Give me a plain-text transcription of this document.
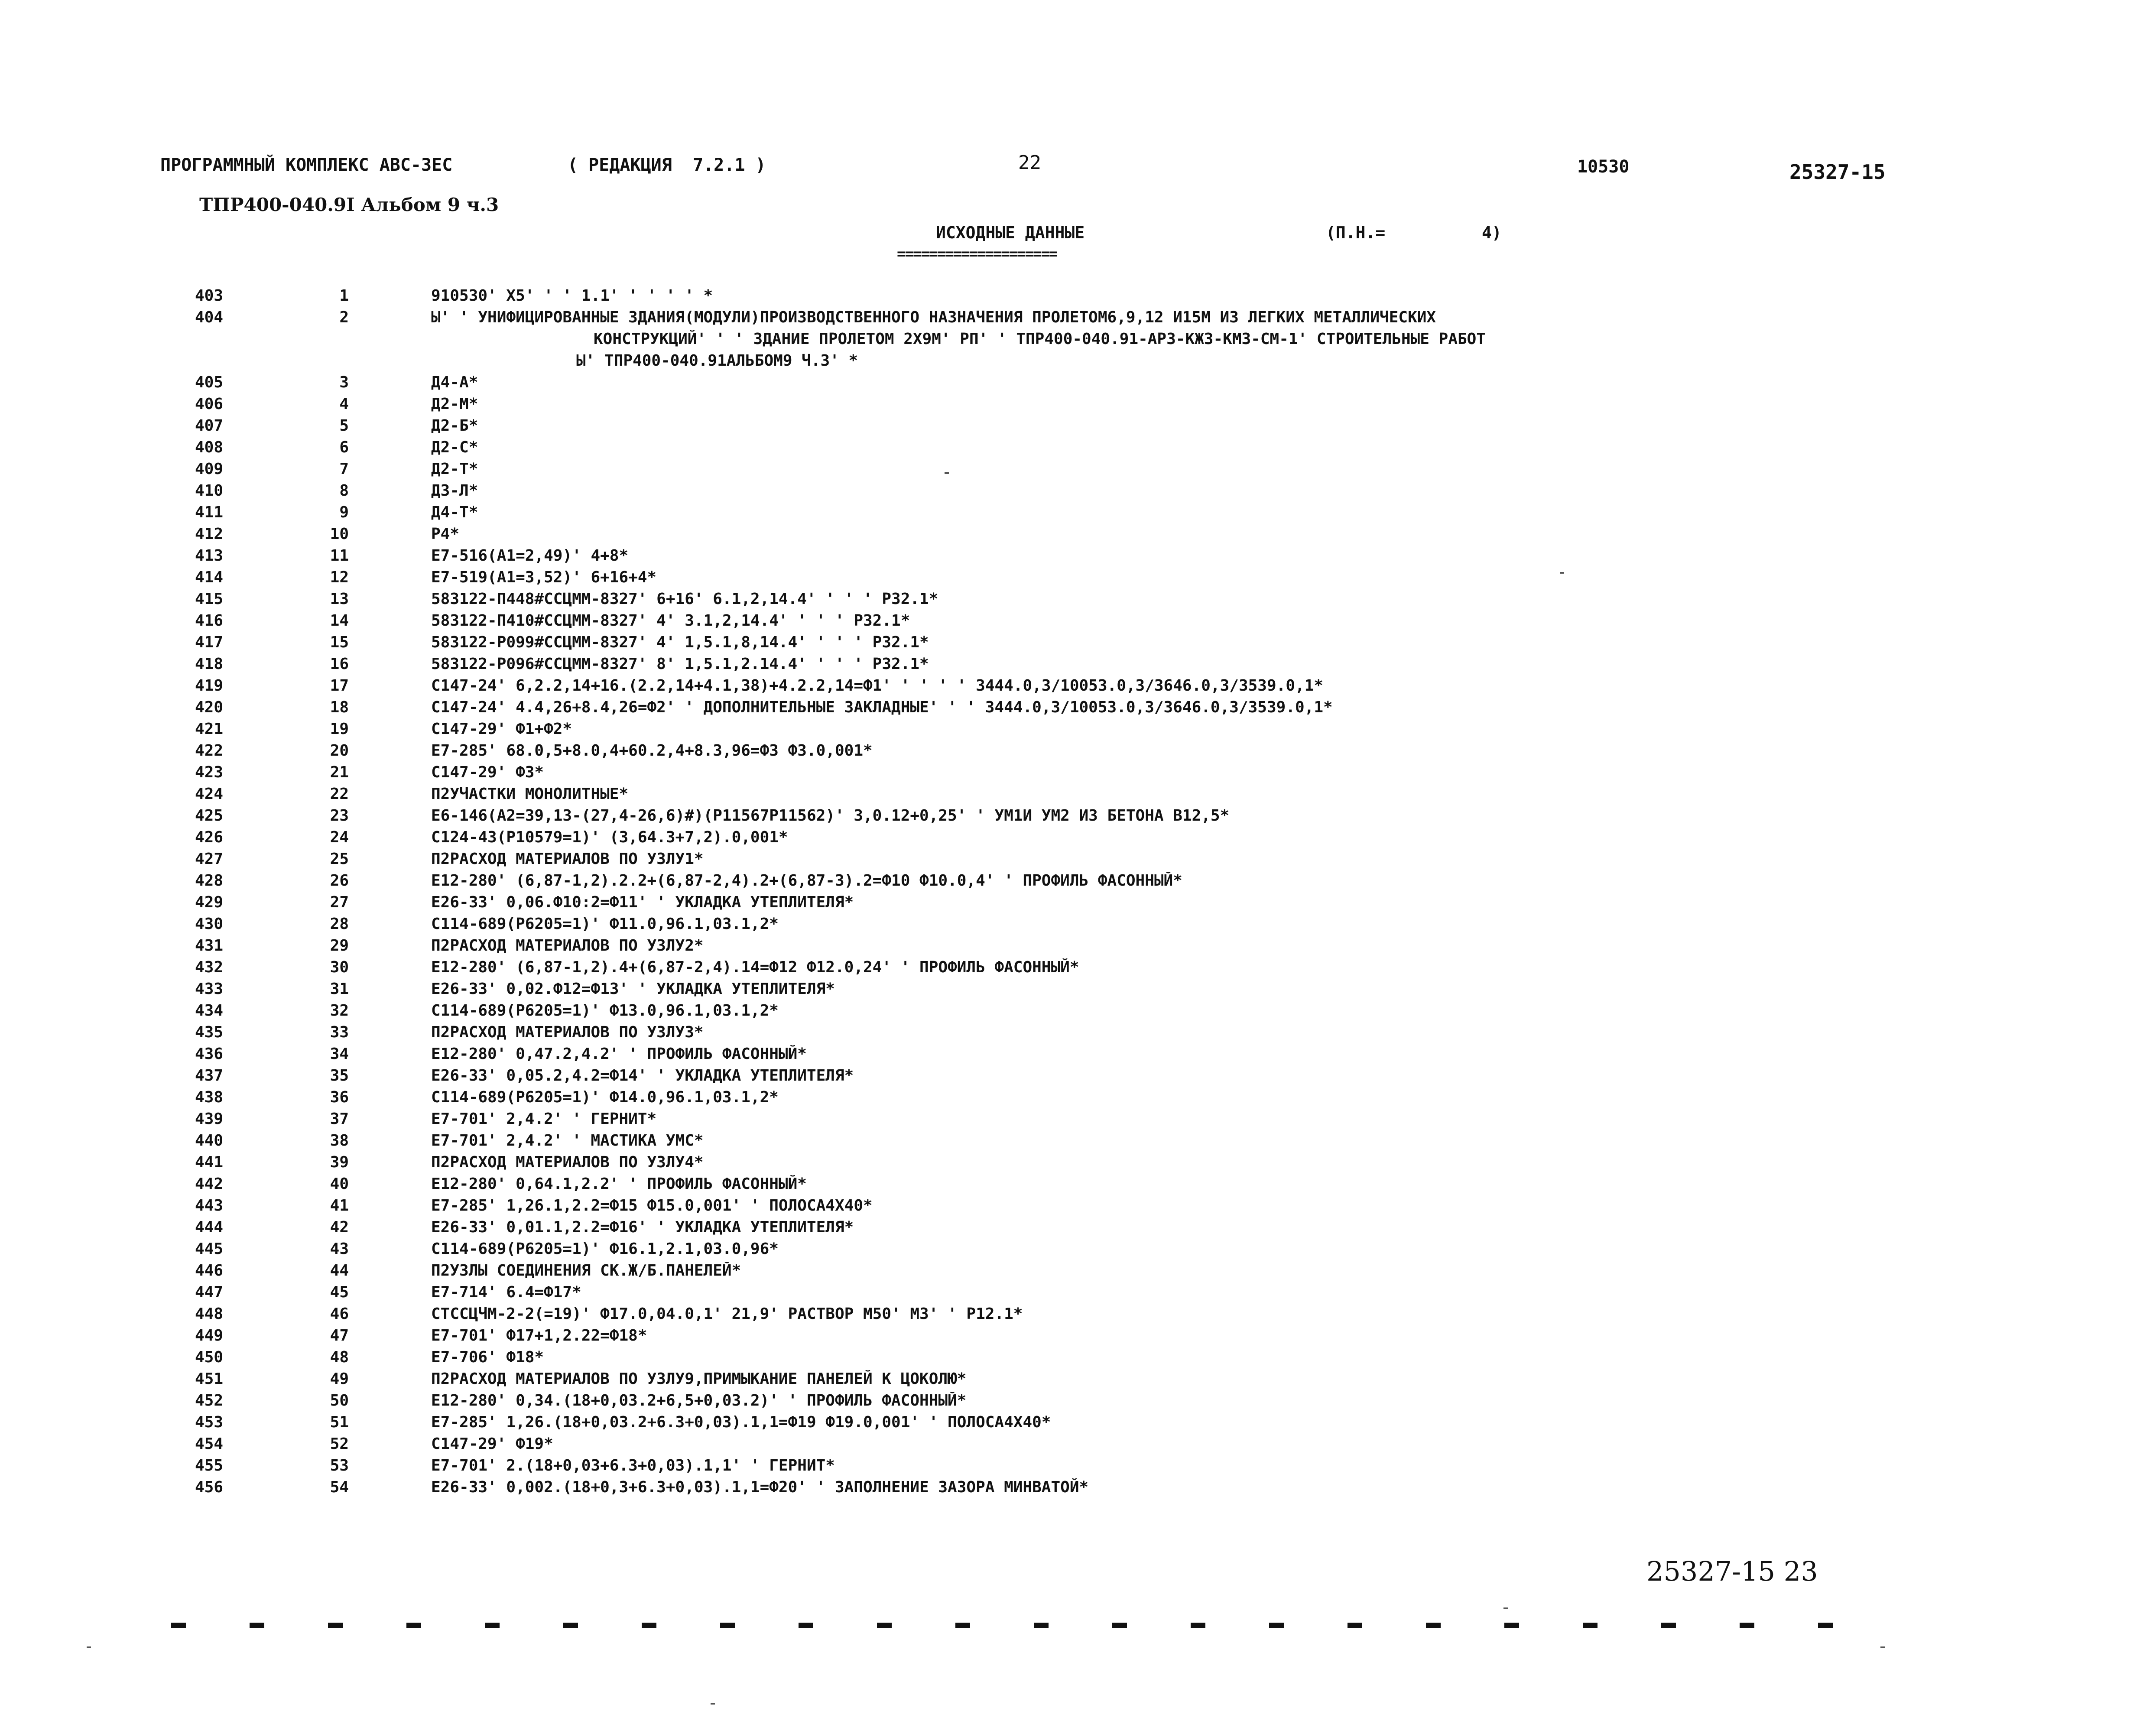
ПРОГРАММНЫЙ КОМПЛЕКС АВС-ЗЕС	( РЕДАКЦИЯ  7.2.1 )	22	10530	25327-15
ТПР400-040.9I Альбом 9 ч.3
ИСХОДНЫЕ ДАННЫЕ	(П.Н.=	4)
====================
403	1	910530' Х5' ' ' 1.1' ' ' ' ' *
404	2	Ы' ' УНИФИЦИРОВАННЫЕ ЗДАНИЯ(МОДУЛИ)ПРОИЗВОДСТВЕННОГО НАЗНАЧЕНИЯ ПРОЛЕТОМ6,9,12 И15М ИЗ ЛЕГКИХ МЕТАЛЛИЧЕСКИХ
КОНСТРУКЦИЙ' ' ' ЗДАНИЕ ПРОЛЕТОМ 2Х9М' РП' ' ТПР400-040.91-АР3-КЖ3-КМ3-СМ-1' СТРОИТЕЛЬНЫЕ РАБОТ
Ы' ТПР400-040.91АЛЬБОМ9 Ч.3' *
405	3	Д4-А*
406	4	Д2-М*
407	5	Д2-Б*
408	6	Д2-С*
409	7	Д2-Т*
410	8	Д3-Л*
411	9	Д4-Т*
412	10	Р4*
413	11	Е7-516(А1=2,49)' 4+8*
414	12	Е7-519(А1=3,52)' 6+16+4*
415	13	583122-П448#ССЦММ-8327' 6+16' 6.1,2,14.4' ' ' ' Р32.1*
416	14	583122-П410#ССЦММ-8327' 4' 3.1,2,14.4' ' ' ' Р32.1*
417	15	583122-Р099#ССЦММ-8327' 4' 1,5.1,8,14.4' ' ' ' Р32.1*
418	16	583122-Р096#ССЦММ-8327' 8' 1,5.1,2.14.4' ' ' ' Р32.1*
419	17	С147-24' 6,2.2,14+16.(2.2,14+4.1,38)+4.2.2,14=Ф1' ' ' ' ' 3444.0,3/10053.0,3/3646.0,3/3539.0,1*
420	18	С147-24' 4.4,26+8.4,26=Ф2' ' ДОПОЛНИТЕЛЬНЫЕ ЗАКЛАДНЫЕ' ' ' 3444.0,3/10053.0,3/3646.0,3/3539.0,1*
421	19	С147-29' Ф1+Ф2*
422	20	Е7-285' 68.0,5+8.0,4+60.2,4+8.3,96=Ф3 Ф3.0,001*
423	21	С147-29' Ф3*
424	22	П2УЧАСТКИ МОНОЛИТНЫЕ*
425	23	Е6-146(А2=39,13-(27,4-26,6)#)(Р11567Р11562)' 3,0.12+0,25' ' УМ1И УМ2 ИЗ БЕТОНА В12,5*
426	24	С124-43(Р10579=1)' (3,64.3+7,2).0,001*
427	25	П2РАСХОД МАТЕРИАЛОВ ПО УЗЛУ1*
428	26	Е12-280' (6,87-1,2).2.2+(6,87-2,4).2+(6,87-3).2=Ф10 Ф10.0,4' ' ПРОФИЛЬ ФАСОННЫЙ*
429	27	Е26-33' 0,06.Ф10:2=Ф11' ' УКЛАДКА УТЕПЛИТЕЛЯ*
430	28	С114-689(Р6205=1)' Ф11.0,96.1,03.1,2*
431	29	П2РАСХОД МАТЕРИАЛОВ ПО УЗЛУ2*
432	30	Е12-280' (6,87-1,2).4+(6,87-2,4).14=Ф12 Ф12.0,24' ' ПРОФИЛЬ ФАСОННЫЙ*
433	31	Е26-33' 0,02.Ф12=Ф13' ' УКЛАДКА УТЕПЛИТЕЛЯ*
434	32	С114-689(Р6205=1)' Ф13.0,96.1,03.1,2*
435	33	П2РАСХОД МАТЕРИАЛОВ ПО УЗЛУ3*
436	34	Е12-280' 0,47.2,4.2' ' ПРОФИЛЬ ФАСОННЫЙ*
437	35	Е26-33' 0,05.2,4.2=Ф14' ' УКЛАДКА УТЕПЛИТЕЛЯ*
438	36	С114-689(Р6205=1)' Ф14.0,96.1,03.1,2*
439	37	Е7-701' 2,4.2' ' ГЕРНИТ*
440	38	Е7-701' 2,4.2' ' МАСТИКА УМС*
441	39	П2РАСХОД МАТЕРИАЛОВ ПО УЗЛУ4*
442	40	Е12-280' 0,64.1,2.2' ' ПРОФИЛЬ ФАСОННЫЙ*
443	41	Е7-285' 1,26.1,2.2=Ф15 Ф15.0,001' ' ПОЛОСА4Х40*
444	42	Е26-33' 0,01.1,2.2=Ф16' ' УКЛАДКА УТЕПЛИТЕЛЯ*
445	43	С114-689(Р6205=1)' Ф16.1,2.1,03.0,96*
446	44	П2УЗЛЫ СОЕДИНЕНИЯ СК.Ж/Б.ПАНЕЛЕЙ*
447	45	Е7-714' 6.4=Ф17*
448	46	СТССЦЧМ-2-2(=19)' Ф17.0,04.0,1' 21,9' РАСТВОР М50' М3' ' Р12.1*
449	47	Е7-701' Ф17+1,2.22=Ф18*
450	48	Е7-706' Ф18*
451	49	П2РАСХОД МАТЕРИАЛОВ ПО УЗЛУ9,ПРИМЫКАНИЕ ПАНЕЛЕЙ К ЦОКОЛЮ*
452	50	Е12-280' 0,34.(18+0,03.2+6,5+0,03.2)' ' ПРОФИЛЬ ФАСОННЫЙ*
453	51	Е7-285' 1,26.(18+0,03.2+6.3+0,03).1,1=Ф19 Ф19.0,001' ' ПОЛОСА4Х40*
454	52	С147-29' Ф19*
455	53	Е7-701' 2.(18+0,03+6.3+0,03).1,1' ' ГЕРНИТ*
456	54	Е26-33' 0,002.(18+0,3+6.3+0,03).1,1=Ф20' ' ЗАПОЛНЕНИЕ ЗАЗОРА МИНВАТОЙ*
25327-15 23
